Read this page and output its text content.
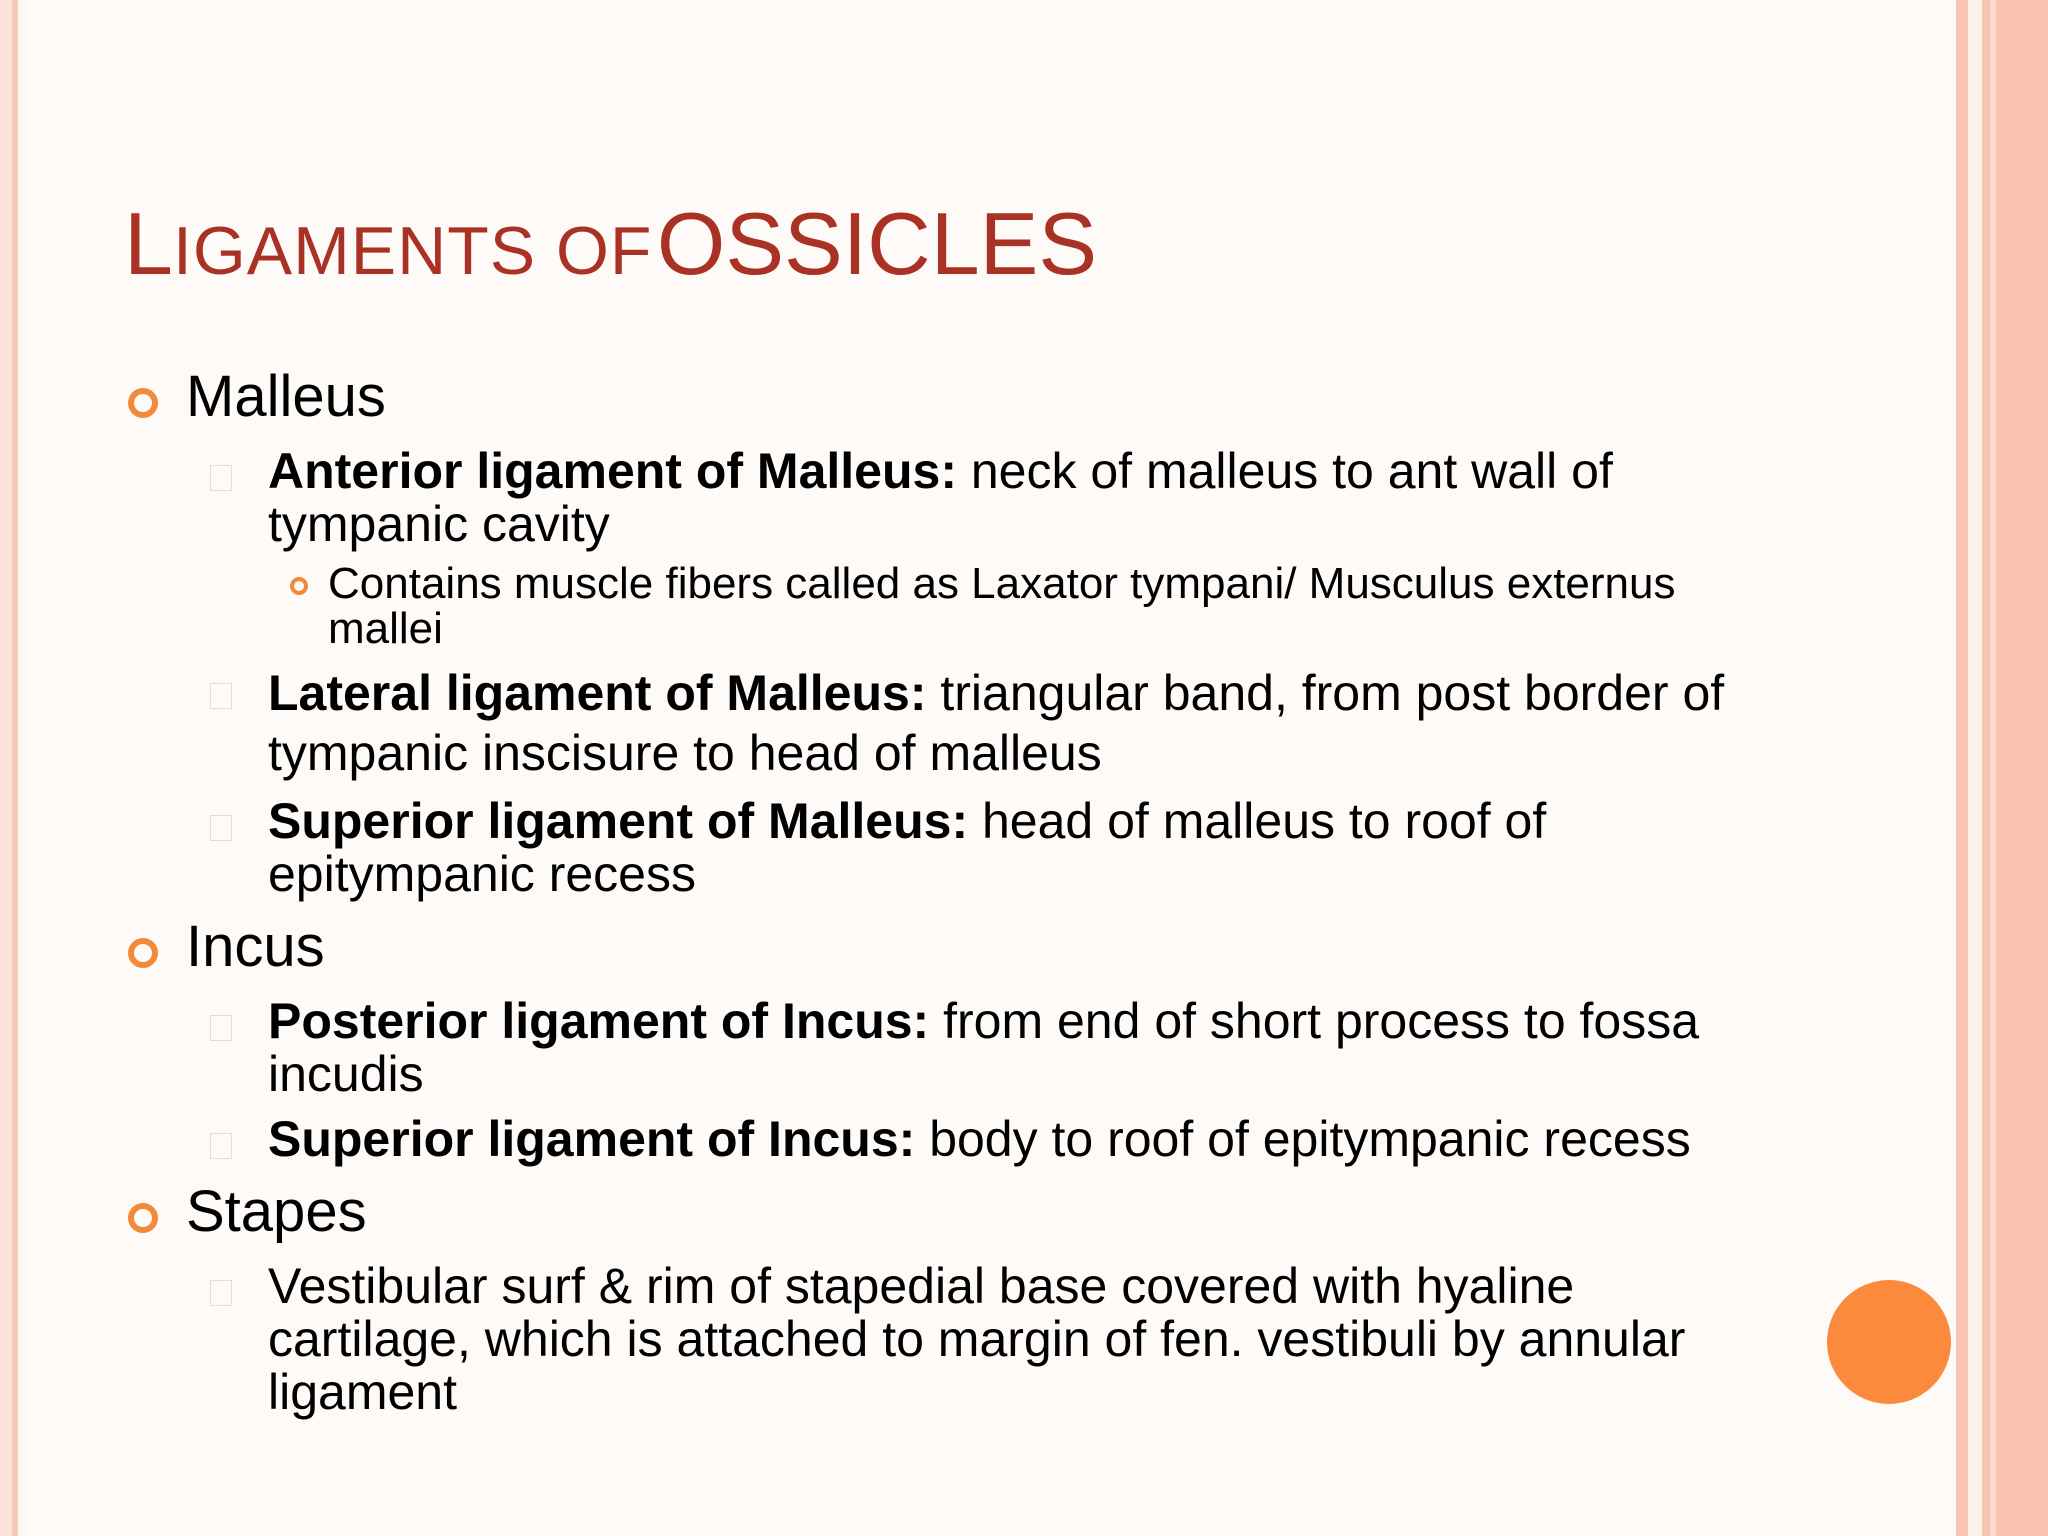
LIGAMENTS OF OSSICLES
Malleus
Anterior ligament of Malleus: neck of malleus to ant wall of tympanic cavity
Contains muscle fibers called as Laxator tympani/ Musculus externus mallei
Lateral ligament of Malleus: triangular band, from post border of tympanic inscisure to head of malleus
Superior ligament of Malleus: head of malleus to roof of epitympanic recess
Incus
Posterior ligament of Incus: from end of short process to fossa incudis
Superior ligament of Incus: body to roof of epitympanic recess
Stapes
Vestibular surf & rim of stapedial base covered with hyaline cartilage, which is attached to margin of fen. vestibuli by annular ligament
